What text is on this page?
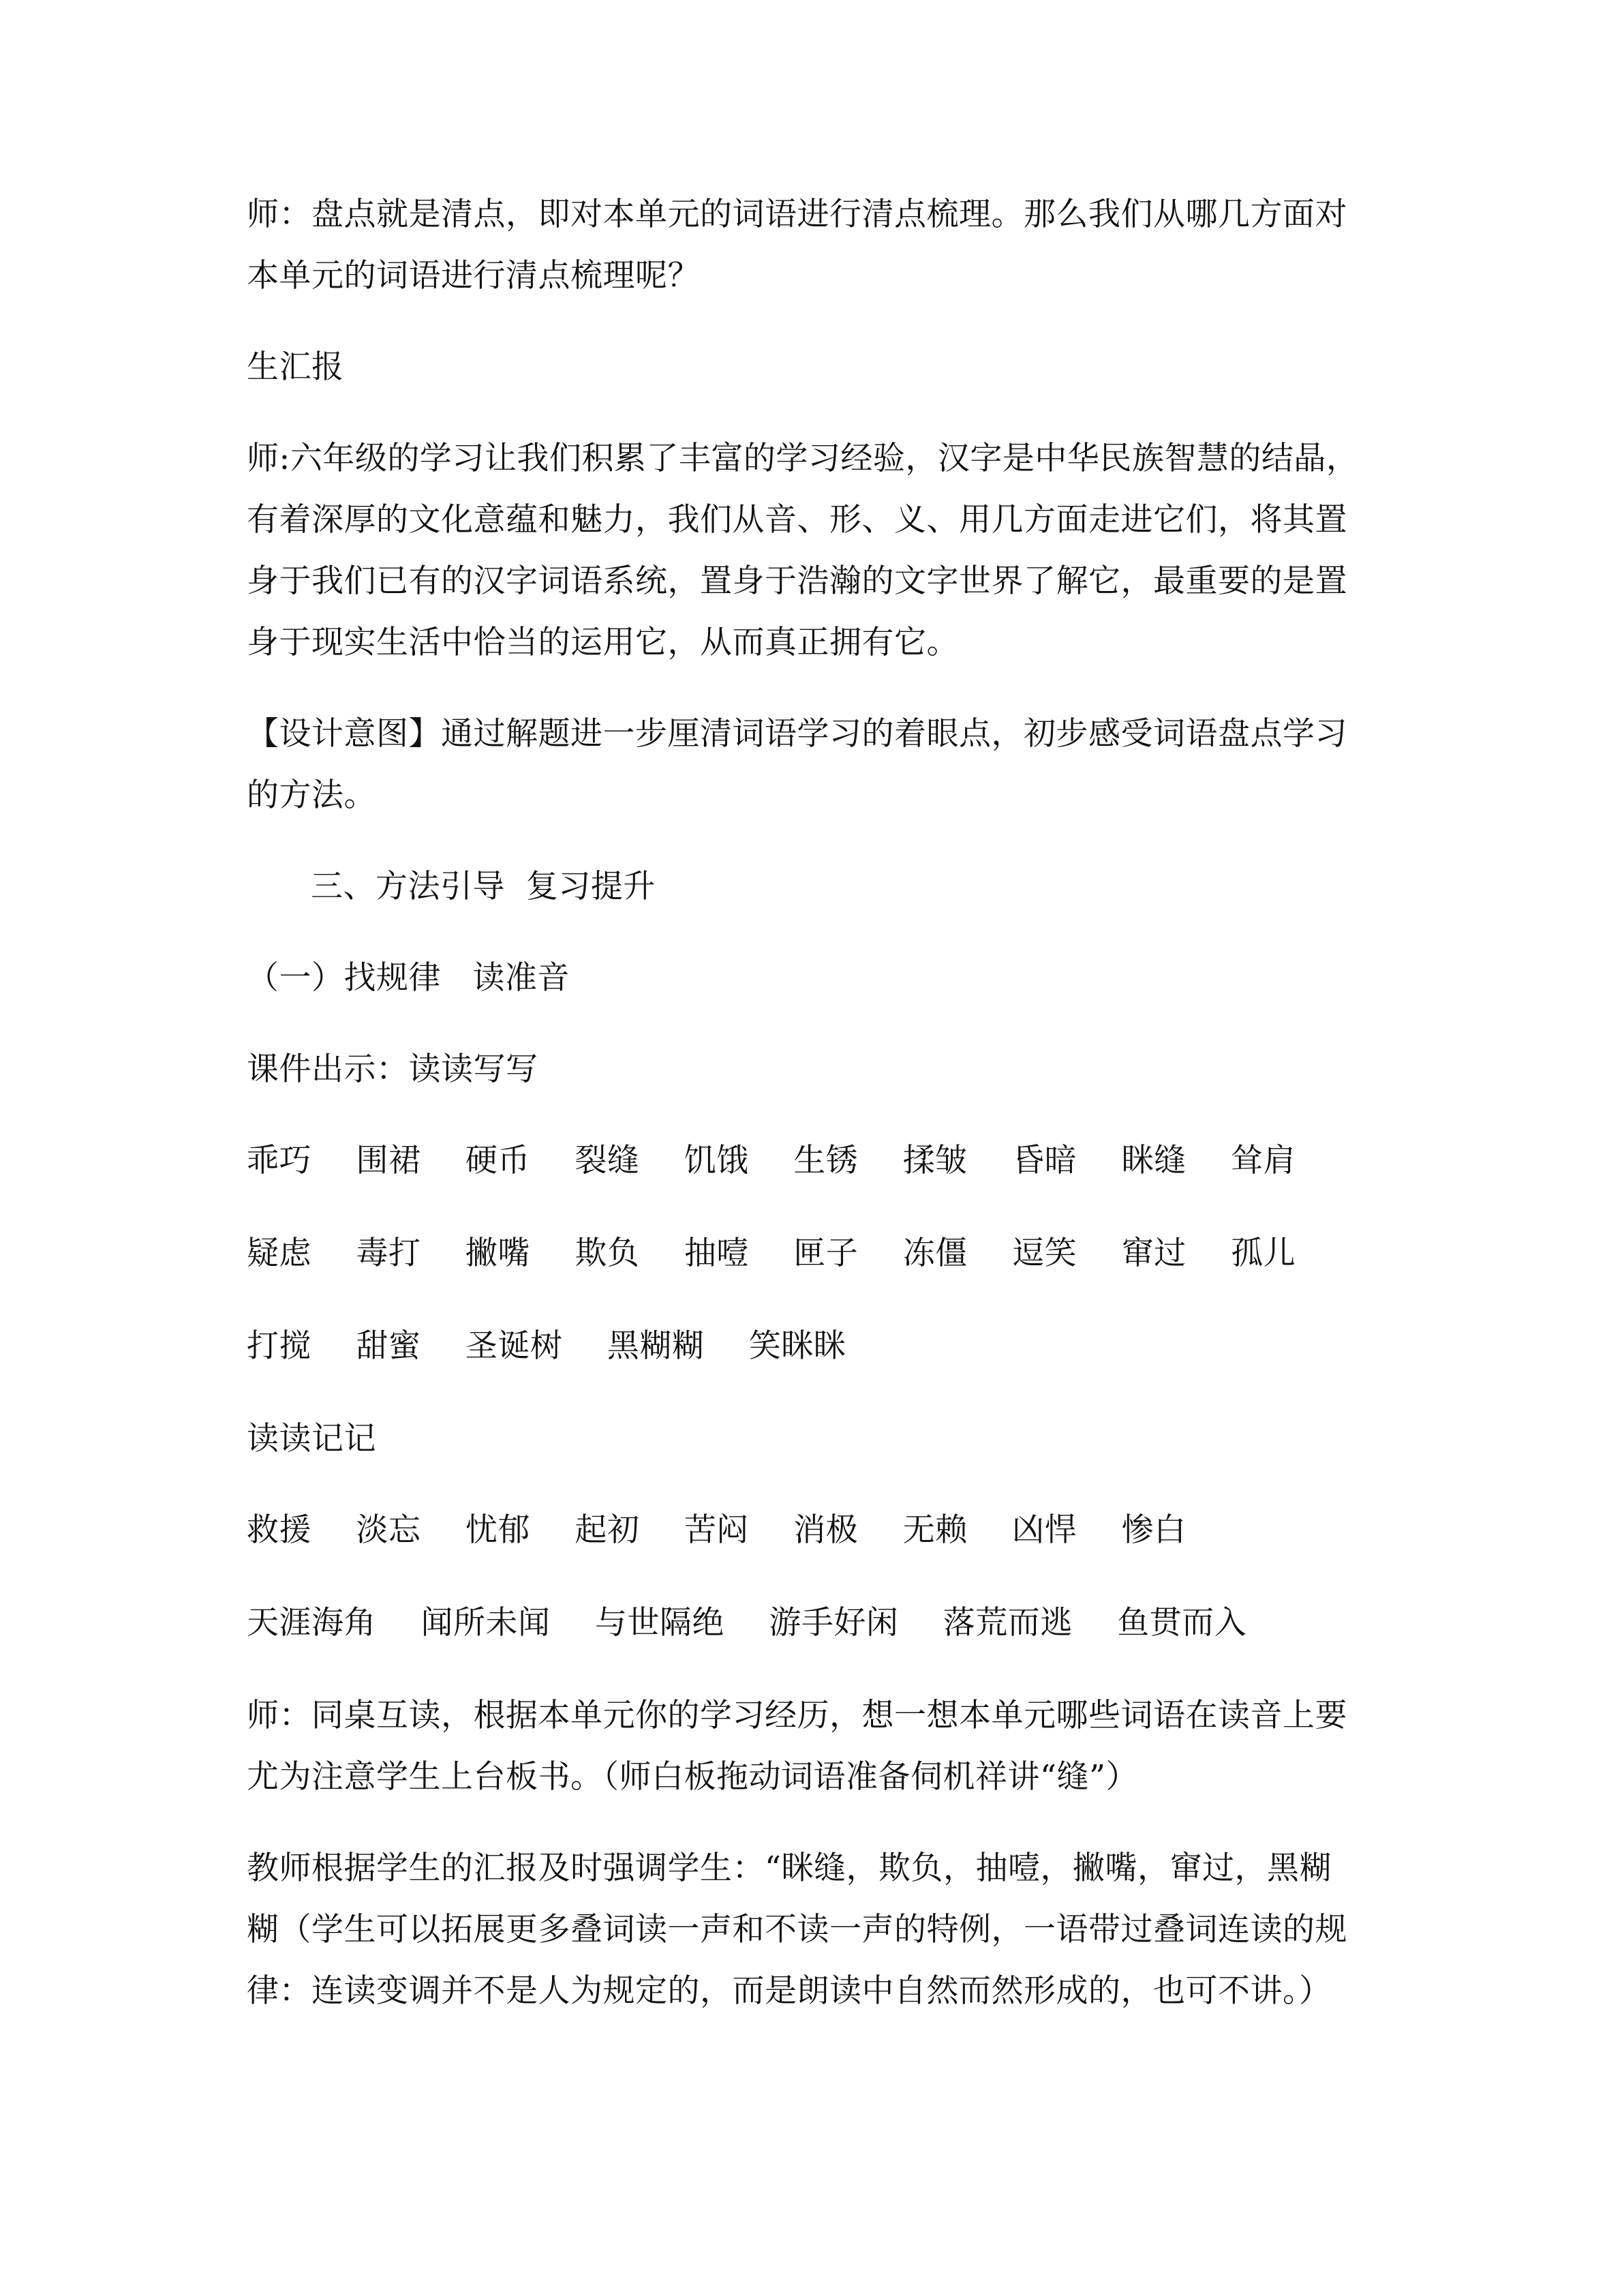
师：盘点就是清点，即对本单元的词语进行清点梳理。那么我们从哪几方面对
本单元的词语进行清点梳理呢？

生汇报

师:六年级的学习让我们积累了丰富的学习经验，汉字是中华民族智慧的结晶，
有着深厚的文化意蕴和魅力，我们从音、形、义、用几方面走进它们，将其置
身于我们已有的汉字词语系统，置身于浩瀚的文字世界了解它，最重要的是置
身于现实生活中恰当的运用它，从而真正拥有它。

【设计意图】通过解题进一步厘清词语学习的着眼点，初步感受词语盘点学习
的方法。

三、方法引导  复习提升

（一）找规律   读准音

课件出示：读读写写

乖巧 围裙 硬币 裂缝 饥饿 生锈 揉皱 昏暗 眯缝 耸肩
疑虑 毒打 撇嘴 欺负 抽噎 匣子 冻僵 逗笑 窜过 孤儿
打搅 甜蜜 圣诞树 黑糊糊 笑眯眯

读读记记

救援 淡忘 忧郁 起初 苦闷 消极 无赖 凶悍 惨白
天涯海角 闻所未闻 与世隔绝 游手好闲 落荒而逃 鱼贯而入

师：同桌互读，根据本单元你的学习经历，想一想本单元哪些词语在读音上要
尤为注意学生上台板书。（师白板拖动词语准备伺机祥讲“缝”）

教师根据学生的汇报及时强调学生：“眯缝，欺负，抽噎，撇嘴，窜过，黑糊
糊（学生可以拓展更多叠词读一声和不读一声的特例，一语带过叠词连读的规
律：连读变调并不是人为规定的，而是朗读中自然而然形成的，也可不讲。）
